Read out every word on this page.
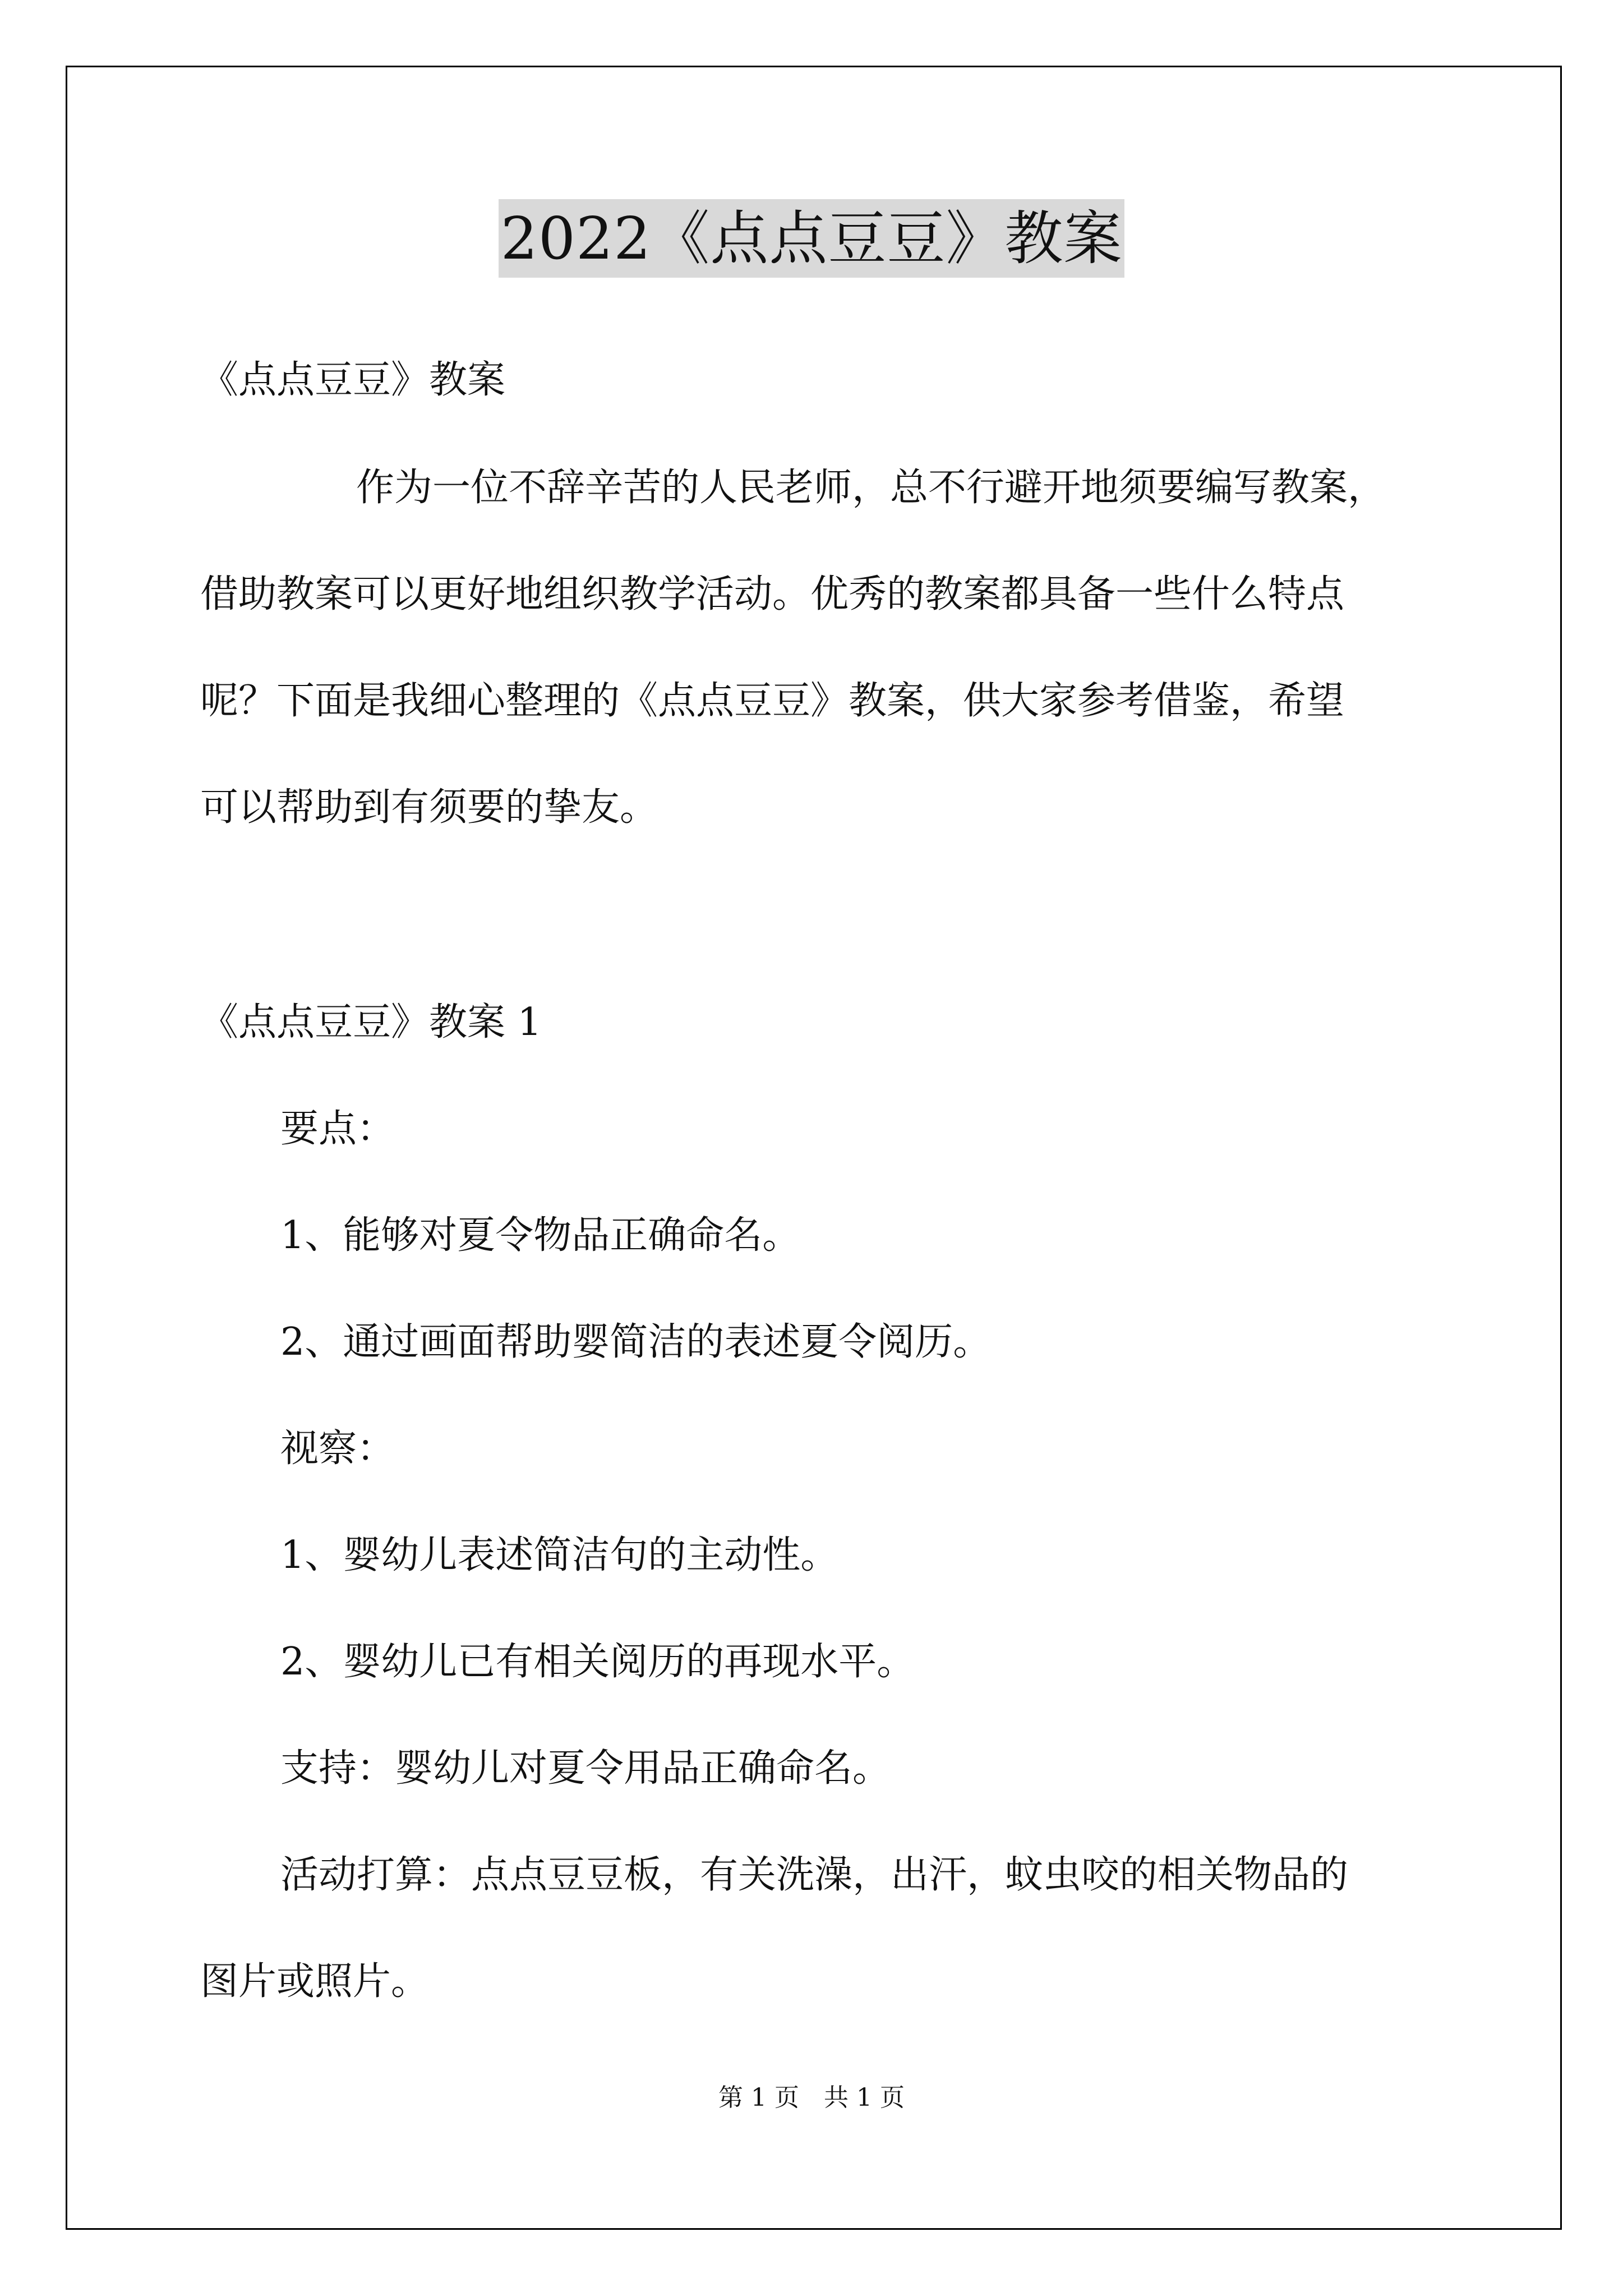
2022《点点豆豆》教案
《点点豆豆》教案
作为一位不辞辛苦的人民老师，总不行避开地须要编写教案，
借助教案可以更好地组织教学活动。优秀的教案都具备一些什么特点
呢？下面是我细心整理的《点点豆豆》教案，供大家参考借鉴，希望
可以帮助到有须要的挚友。
《点点豆豆》教案 1
要点：
1、能够对夏令物品正确命名。
2、通过画面帮助婴简洁的表述夏令阅历。
视察：
1、婴幼儿表述简洁句的主动性。
2、婴幼儿已有相关阅历的再现水平。
支持：婴幼儿对夏令用品正确命名。
活动打算：点点豆豆板，有关洗澡，出汗，蚊虫咬的相关物品的
图片或照片。
第 1 页　共 1 页
